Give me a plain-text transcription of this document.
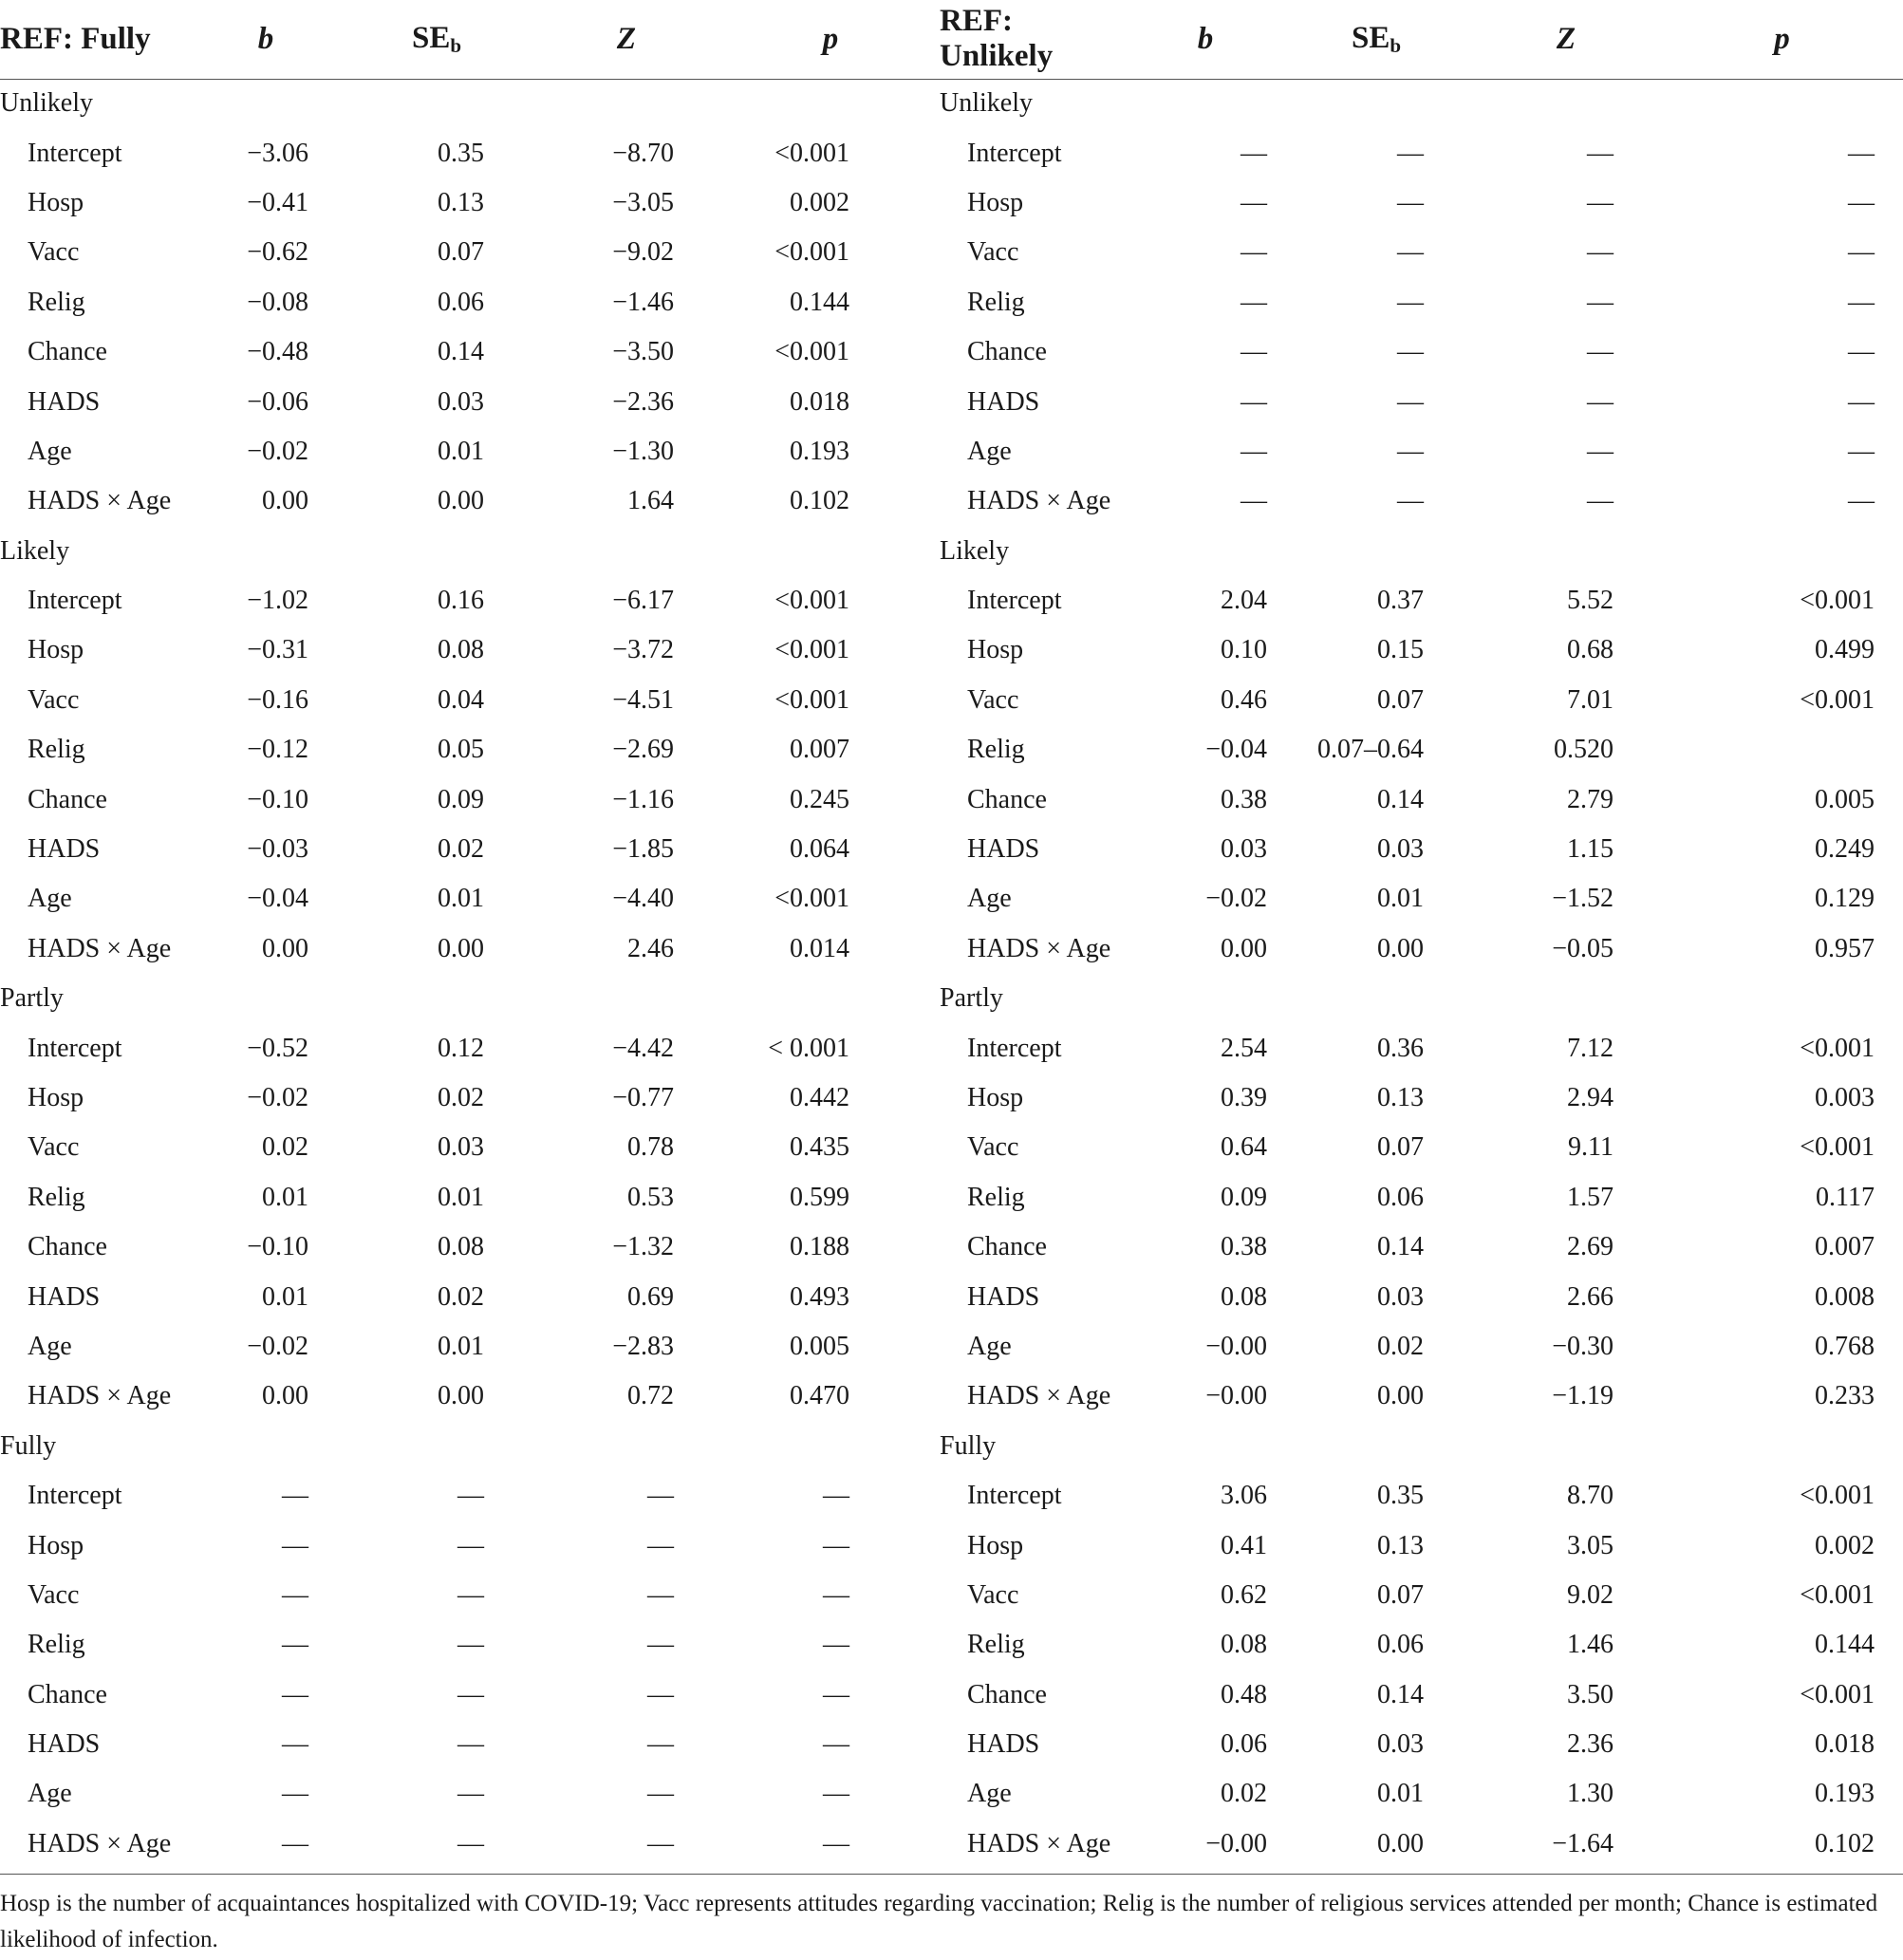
REF: Fully	b	$SE_b$	Z	p	REF: Unlikely	b	$SE_b$	Z	p
Unlikely					Unlikely				
Intercept	−3.06	0.35	−8.70	<0.001	Intercept	—	—	—	—
Hosp	−0.41	0.13	−3.05	0.002	Hosp	—	—	—	—
Vacc	−0.62	0.07	−9.02	<0.001	Vacc	—	—	—	—
Relig	−0.08	0.06	−1.46	0.144	Relig	—	—	—	—
Chance	−0.48	0.14	−3.50	<0.001	Chance	—	—	—	—
HADS	−0.06	0.03	−2.36	0.018	HADS	—	—	—	—
Age	−0.02	0.01	−1.30	0.193	Age	—	—	—	—
HADS × Age	0.00	0.00	1.64	0.102	HADS × Age	—	—	—	—
Likely					Likely				
Intercept	−1.02	0.16	−6.17	<0.001	Intercept	2.04	0.37	5.52	<0.001
Hosp	−0.31	0.08	−3.72	<0.001	Hosp	0.10	0.15	0.68	0.499
Vacc	−0.16	0.04	−4.51	<0.001	Vacc	0.46	0.07	7.01	<0.001
Relig	−0.12	0.05	−2.69	0.007	Relig	−0.04	0.07–0.64	0.520	
Chance	−0.10	0.09	−1.16	0.245	Chance	0.38	0.14	2.79	0.005
HADS	−0.03	0.02	−1.85	0.064	HADS	0.03	0.03	1.15	0.249
Age	−0.04	0.01	−4.40	<0.001	Age	−0.02	0.01	−1.52	0.129
HADS × Age	0.00	0.00	2.46	0.014	HADS × Age	0.00	0.00	−0.05	0.957
Partly					Partly				
Intercept	−0.52	0.12	−4.42	< 0.001	Intercept	2.54	0.36	7.12	<0.001
Hosp	−0.02	0.02	−0.77	0.442	Hosp	0.39	0.13	2.94	0.003
Vacc	0.02	0.03	0.78	0.435	Vacc	0.64	0.07	9.11	<0.001
Relig	0.01	0.01	0.53	0.599	Relig	0.09	0.06	1.57	0.117
Chance	−0.10	0.08	−1.32	0.188	Chance	0.38	0.14	2.69	0.007
HADS	0.01	0.02	0.69	0.493	HADS	0.08	0.03	2.66	0.008
Age	−0.02	0.01	−2.83	0.005	Age	−0.00	0.02	−0.30	0.768
HADS × Age	0.00	0.00	0.72	0.470	HADS × Age	−0.00	0.00	−1.19	0.233
Fully					Fully				
Intercept	—	—	—	—	Intercept	3.06	0.35	8.70	<0.001
Hosp	—	—	—	—	Hosp	0.41	0.13	3.05	0.002
Vacc	—	—	—	—	Vacc	0.62	0.07	9.02	<0.001
Relig	—	—	—	—	Relig	0.08	0.06	1.46	0.144
Chance	—	—	—	—	Chance	0.48	0.14	3.50	<0.001
HADS	—	—	—	—	HADS	0.06	0.03	2.36	0.018
Age	—	—	—	—	Age	0.02	0.01	1.30	0.193
HADS × Age	—	—	—	—	HADS × Age	−0.00	0.00	−1.64	0.102
Hosp is the number of acquaintances hospitalized with COVID-19; Vacc represents attitudes regarding vaccination; Relig is the number of religious services attended per month; Chance is estimated likelihood of infection.
